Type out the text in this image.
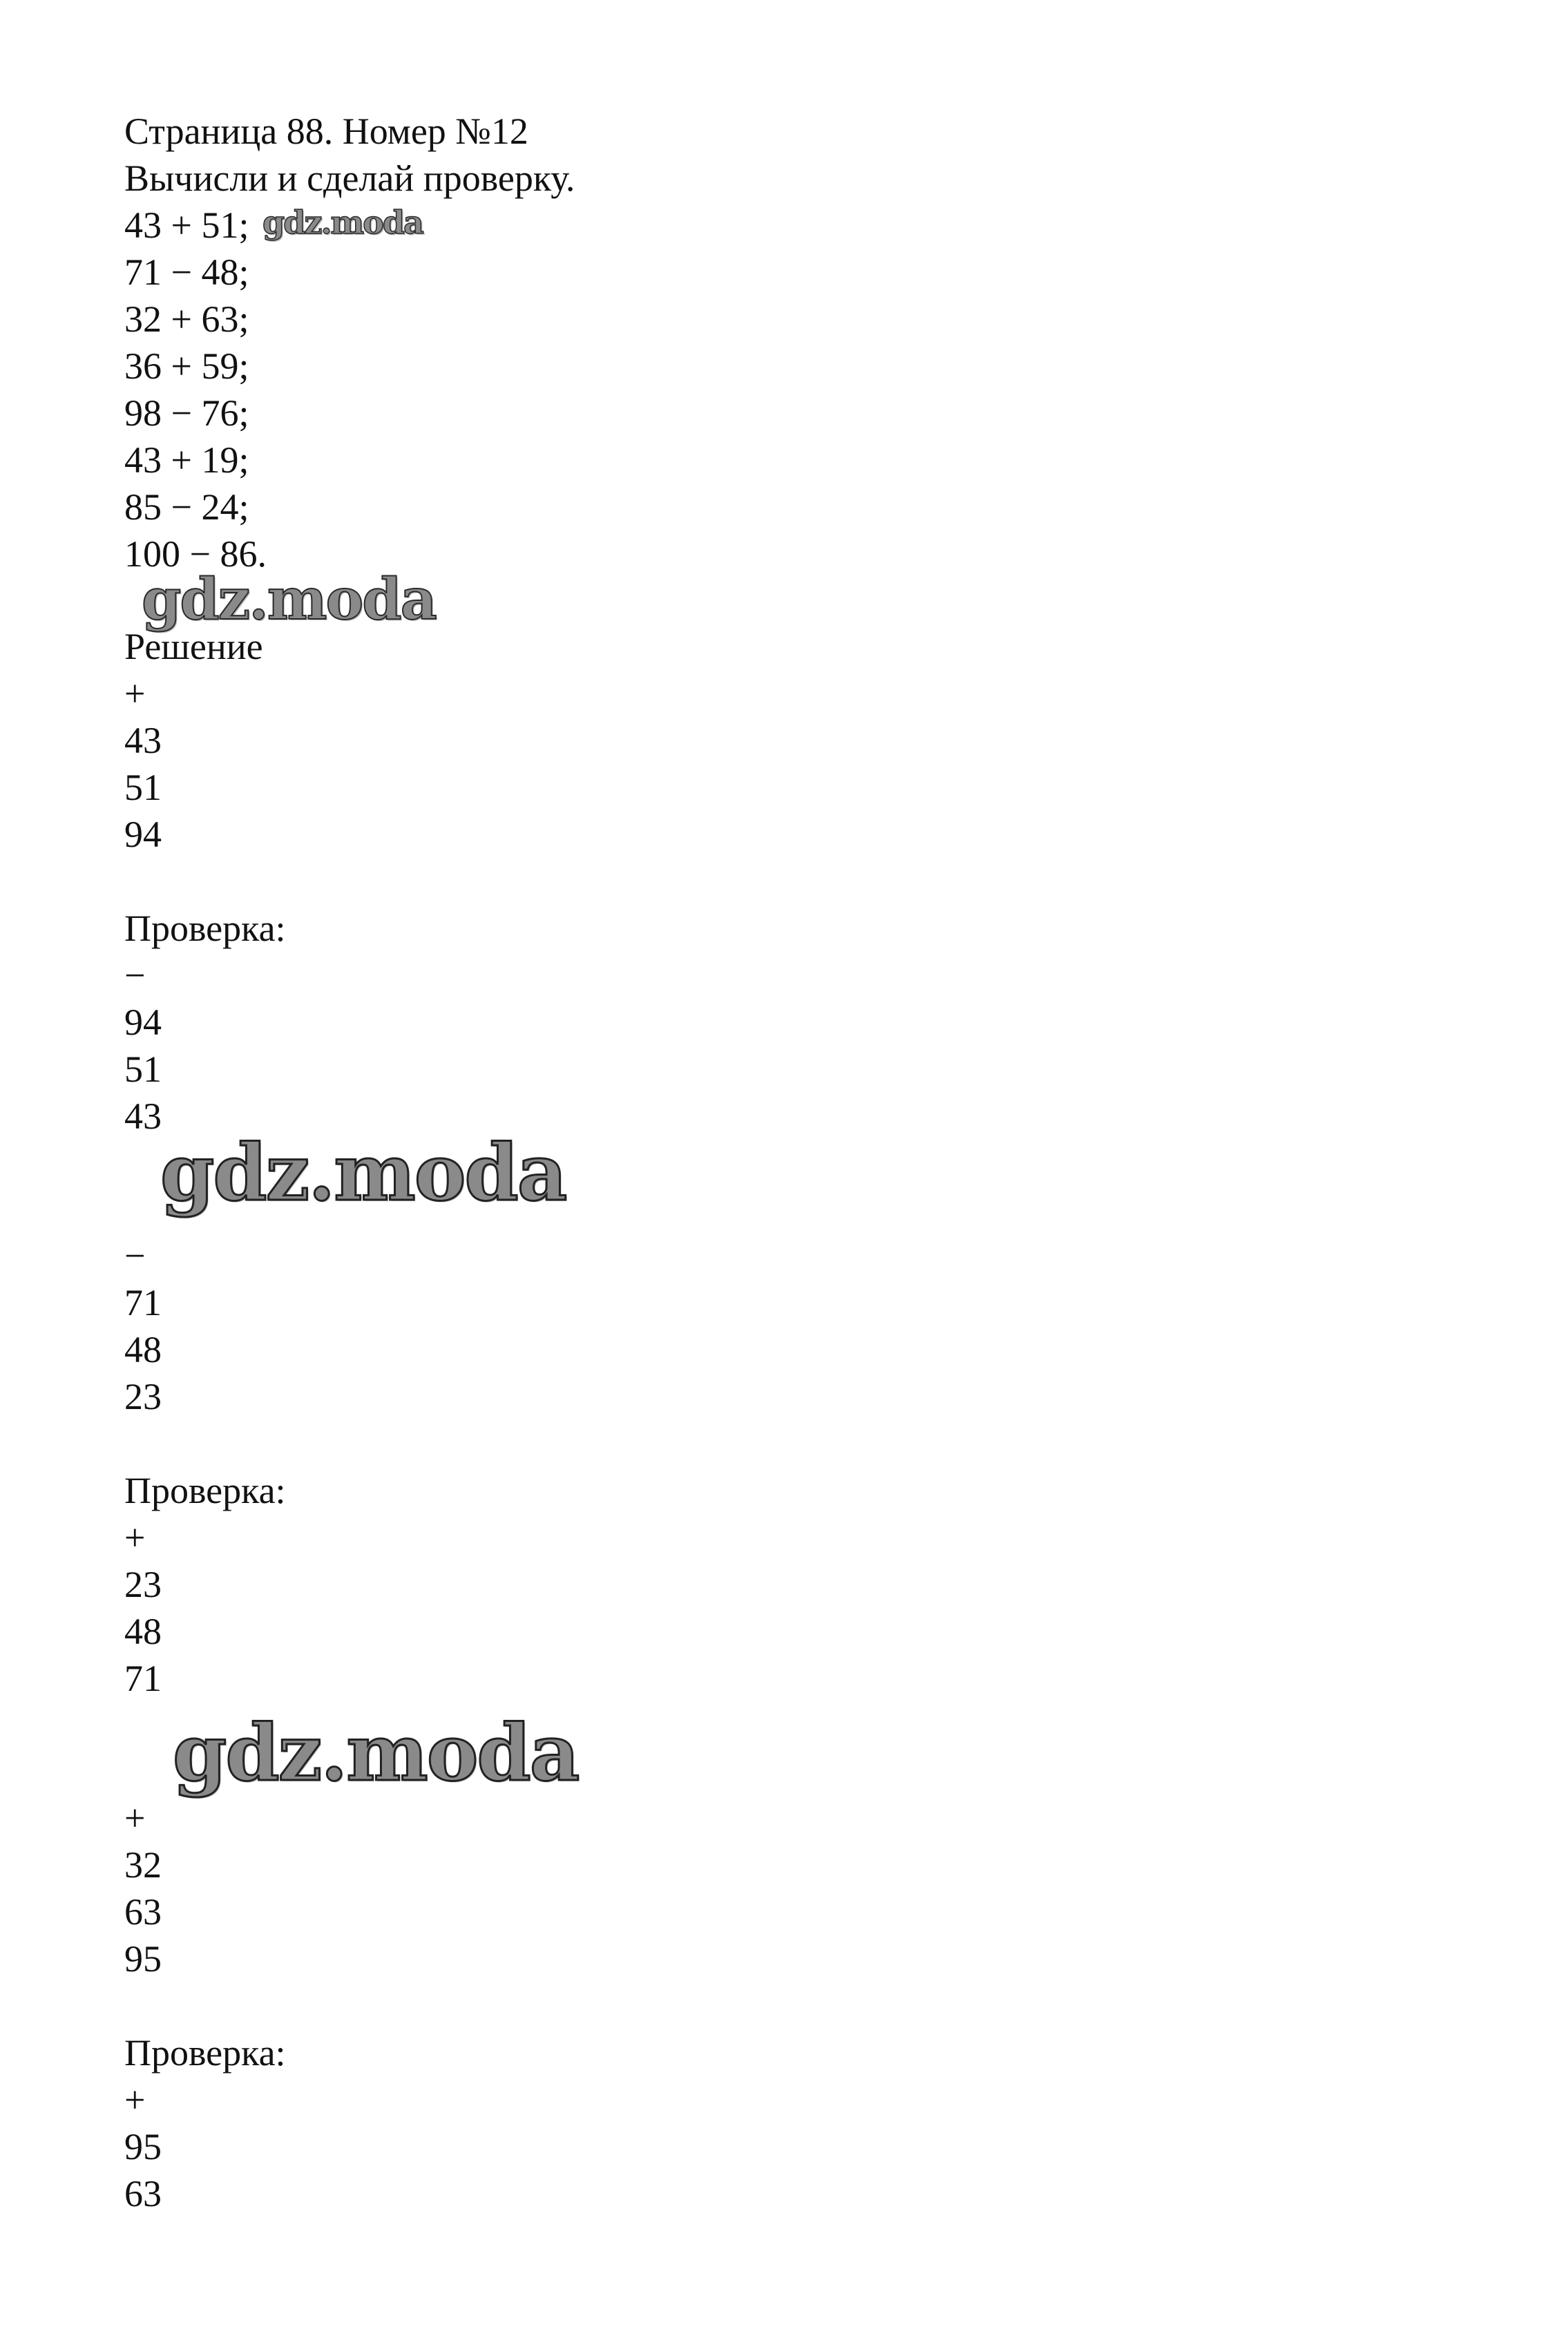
Страница 88. Номер №12
Вычисли и сделай проверку.
43 + 51;
71 − 48;
32 + 63;
36 + 59;
98 − 76;
43 + 19;
85 − 24;
100 − 86.
Решение
+
43
51
94
Проверка:
−
94
51
43
−
71
48
23
Проверка:
+
23
48
71
+
32
63
95
Проверка:
+
95
63
gdz.moda
gdz.moda
gdz.moda
gdz.moda
